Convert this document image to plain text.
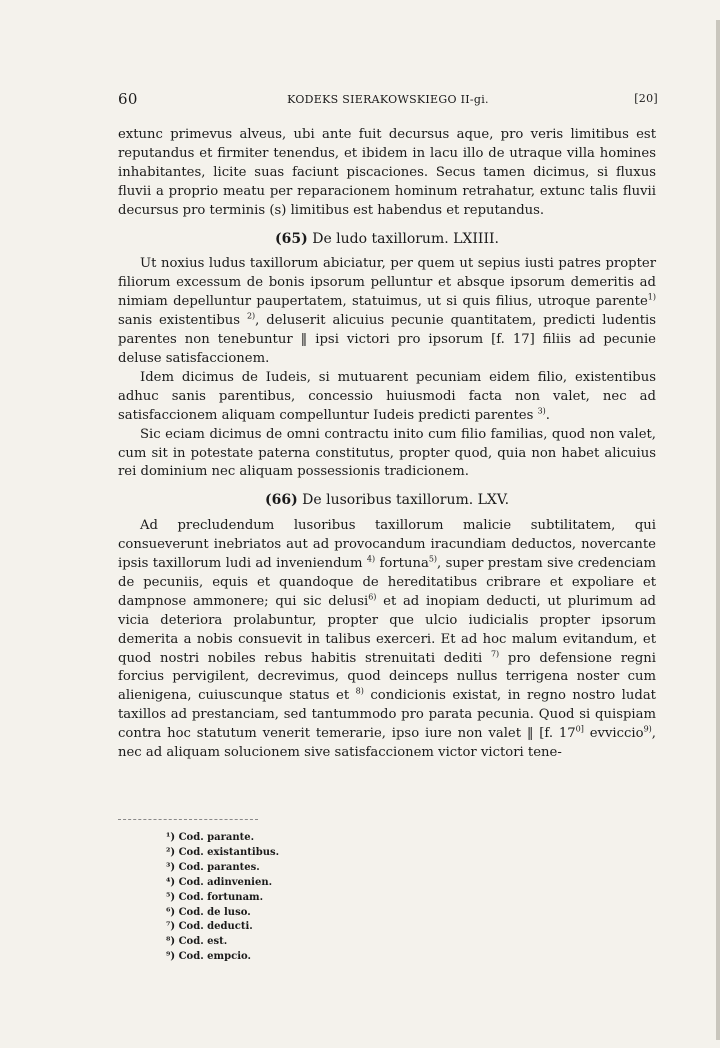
60	KODEKS SIERAKOWSKIEGO II-gi.	[20]

extunc primevus alveus, ubi ante fuit decursus aque, pro veris limitibus est reputandus et firmiter tenendus, et ibidem in lacu illo de utraque villa homines inhabitantes, licite suas faciunt piscaciones. Secus tamen dicimus, si fluxus fluvii a proprio meatu per reparacionem hominum retrahatur, extunc talis fluvii decursus pro terminis (s) limitibus est habendus et reputandus.

(65) De ludo taxillorum. LXIIII.

Ut noxius ludus taxillorum abiciatur, per quem ut sepius iusti patres propter filiorum excessum de bonis ipsorum pelluntur et absque ipsorum demeritis ad nimiam depelluntur paupertatem, statuimus, ut si quis filius, utroque parente$^{1)}$ sanis existentibus $^{2)}$, deluserit alicuius pecunie quantitatem, predicti ludentis parentes non tenebuntur ‖ ipsi victori pro ipsorum [f. 17] filiis ad pecunie deluse satisfaccionem.

Idem dicimus de Iudeis, si mutuarent pecuniam eidem filio, existentibus adhuc sanis parentibus, concessio huiusmodi facta non valet, nec ad satisfaccionem aliquam compelluntur Iudeis predicti parentes $^{3)}$.

Sic eciam dicimus de omni contractu inito cum filio familias, quod non valet, cum sit in potestate paterna constitutus, propter quod, quia non habet alicuius rei dominium nec aliquam possessionis tradicionem.

(66) De lusoribus taxillorum. LXV.

Ad precludendum lusoribus taxillorum malicie subtilitatem, qui consueverunt inebriatos aut ad provocandum iracundiam deductos, novercante ipsis taxillorum ludi ad inveniendum $^{4)}$ fortuna$^{5)}$, super prestam sive credenciam de pecuniis, equis et quandoque de hereditatibus cribrare et expoliare et dampnose ammonere; qui sic delusi$^{6)}$ et ad inopiam deducti, ut plurimum ad vicia deteriora prolabuntur, propter que ulcio iudicialis propter ipsorum demerita a nobis consuevit in talibus exerceri. Et ad hoc malum evitandum, et quod nostri nobiles rebus habitis strenuitati dediti $^{7)}$ pro defensione regni forcius pervigilent, decrevimus, quod deinceps nullus terrigena noster cum alienigena, cuiuscunque status et $^{8)}$ condicionis existat, in regno nostro ludat taxillos ad prestanciam, sed tantummodo pro parata pecunia. Quod si quispiam contra hoc statutum venerit temerarie, ipso iure non valet ‖ [f. $17^{0]}$ evviccio$^{9)}$, nec ad aliquam solucionem sive satisfaccionem victor victori tene-

¹) Cod. parante.

²) Cod. existantibus.

³) Cod. parantes.

⁴) Cod. adinvenien.

⁵) Cod. fortunam.

⁶) Cod. de luso.

⁷) Cod. deducti.

⁸) Cod. est.

⁹) Cod. empcio.
